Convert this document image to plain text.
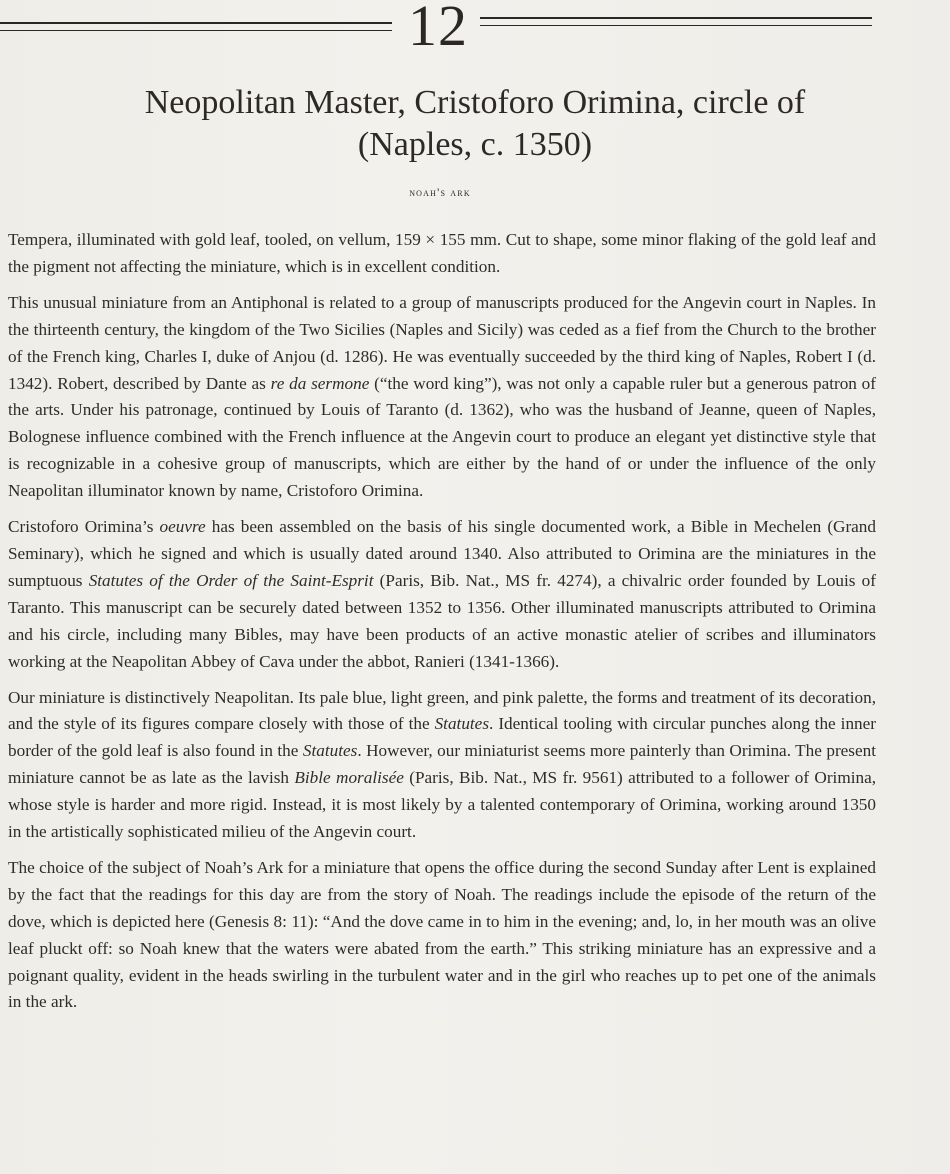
12
Neopolitan Master, Cristoforo Orimina, circle of
(Naples, c. 1350)
noah's ark

Tempera, illuminated with gold leaf, tooled, on vellum, 159 × 155 mm. Cut to shape, some minor flaking of the gold leaf and the pigment not affecting the miniature, which is in excellent condition.

This unusual miniature from an Antiphonal is related to a group of manuscripts produced for the Angevin court in Naples. In the thirteenth century, the kingdom of the Two Sicilies (Naples and Sicily) was ceded as a fief from the Church to the brother of the French king, Charles I, duke of Anjou (d. 1286). He was eventually succeeded by the third king of Naples, Robert I (d. 1342). Robert, described by Dante as re da sermone (“the word king”), was not only a capable ruler but a generous patron of the arts. Under his patronage, continued by Louis of Taranto (d. 1362), who was the husband of Jeanne, queen of Naples, Bolognese influence combined with the French influence at the Angevin court to produce an elegant yet distinctive style that is recognizable in a cohesive group of manuscripts, which are either by the hand of or under the influence of the only Neapolitan illuminator known by name, Cristoforo Orimina.

Cristoforo Orimina’s oeuvre has been assembled on the basis of his single documented work, a Bible in Mechelen (Grand Seminary), which he signed and which is usually dated around 1340. Also attributed to Orimina are the miniatures in the sumptuous Statutes of the Order of the Saint-Esprit (Paris, Bib. Nat., MS fr. 4274), a chivalric order founded by Louis of Taranto. This manuscript can be securely dated between 1352 to 1356. Other illuminated manuscripts attributed to Orimina and his circle, including many Bibles, may have been products of an active monastic atelier of scribes and illuminators working at the Neapolitan Abbey of Cava under the abbot, Ranieri (1341-1366).

Our miniature is distinctively Neapolitan. Its pale blue, light green, and pink palette, the forms and treatment of its decoration, and the style of its figures compare closely with those of the Statutes. Identical tooling with circular punches along the inner border of the gold leaf is also found in the Statutes. However, our miniaturist seems more painterly than Orimina. The present miniature cannot be as late as the lavish Bible moralisée (Paris, Bib. Nat., MS fr. 9561) attributed to a follower of Orimina, whose style is harder and more rigid. Instead, it is most likely by a talented contemporary of Orimina, working around 1350 in the artistically sophisticated milieu of the Angevin court.

The choice of the subject of Noah’s Ark for a miniature that opens the office during the second Sunday after Lent is explained by the fact that the readings for this day are from the story of Noah. The readings include the episode of the return of the dove, which is depicted here (Genesis 8: 11): “And the dove came in to him in the evening; and, lo, in her mouth was an olive leaf pluckt off: so Noah knew that the waters were abated from the earth.” This striking miniature has an expressive and a poignant quality, evident in the heads swirling in the turbulent water and in the girl who reaches up to pet one of the animals in the ark.
